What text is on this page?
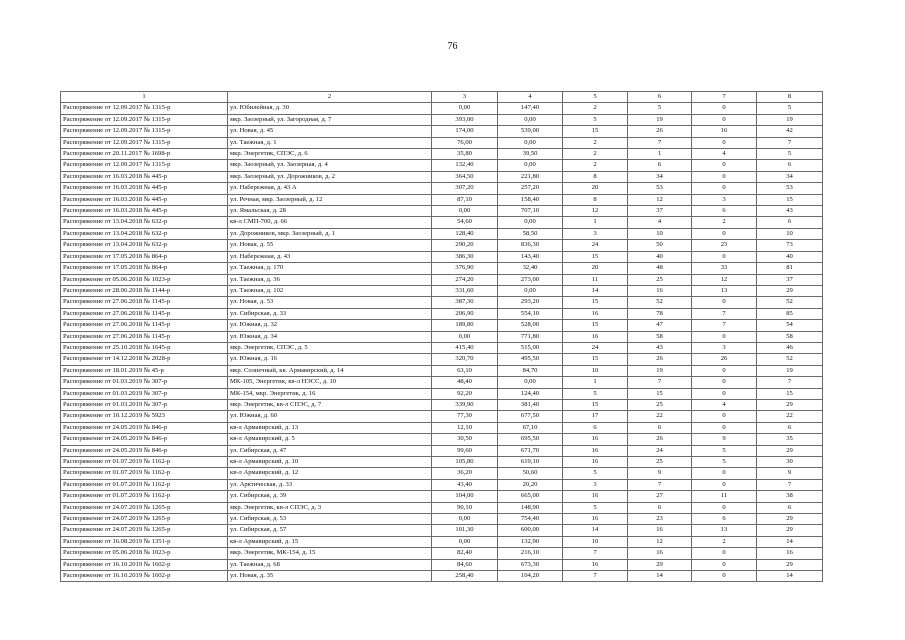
76
1	2	3	4	5	6	7	8
Распоряжение от 12.09.2017 № 1315-р	ул. Юбилейная, д. 30	0,00	147,40	2	5	0	5
Распоряжение от 12.09.2017 № 1315-р	мкр. Заозерный, ул. Загородная, д. 7	393,00	0,00	5	19	0	19
Распоряжение от 12.09.2017 № 1315-р	ул. Новая, д. 45	174,00	539,00	15	26	16	42
Распоряжение от 12.09.2017 № 1315-р	ул. Таежная, д. 1	76,00	0,00	2	7	0	7
Распоряжение от 20.11.2017 № 1698-р	мкр. Энергетик, СПЭС, д. 6	35,80	39,50	2	1	4	5
Распоряжение от 12.09.2017 № 1315-р	мкр. Заозерный, ул. Заозерная, д. 4	132,40	0,00	2	6	0	6
Распоряжение от 16.03.2018 № 445-р	мкр. Заозерный, ул. Дорожников, д. 2	364,50	221,80	8	34	0	34
Распоряжение от 16.03.2018 № 445-р	ул. Набережная, д. 43 А	307,20	257,20	20	53	0	53
Распоряжение от 16.03.2018 № 445-р	ул. Речная, мкр. Заозерный, д. 12	87,10	158,40	8	12	3	15
Распоряжение от 16.03.2018 № 445-р	ул. Ямальская, д. 28	0,00	707,10	12	37	6	43
Распоряжение от 13.04.2018 № 632-р	кв-л СМП-700, д. 66	54,60	0,00	1	4	2	6
Распоряжение от 13.04.2018 № 632-р	ул. Дорожников, мкр. Заозерный, д. 1	128,40	58,50	3	10	0	10
Распоряжение от 13.04.2018 № 632-р	ул. Новая, д. 55	290,20	836,30	24	50	23	73
Распоряжение от 17.05.2018 № 864-р	ул. Набережная, д. 43	386,30	143,40	15	40	0	40
Распоряжение от 17.05.2018 № 864-р	ул. Таежная, д. 170	376,90	32,40	20	48	33	81
Распоряжение от 05.06.2018 № 1023-р	ул. Таежная, д. 36	274,20	273,00	11	25	12	37
Распоряжение от 28.06.2018 № 1144-р	ул. Таежная, д. 102	331,60	0,00	14	16	13	29
Распоряжение от 27.06.2018 № 1145-р	ул. Новая, д. 53	387,30	293,20	15	52	0	52
Распоряжение от 27.06.2018 № 1145-р	ул. Сибирская, д. 33	206,90	554,10	16	78	7	85
Распоряжение от 27.06.2018 № 1145-р	ул. Южная, д. 32	189,80	528,00	15	47	7	54
Распоряжение от 27.06.2018 № 1145-р	ул. Южная, д. 34	0,00	771,80	16	58	0	58
Распоряжение от 25.10.2018 № 1645-р	мкр. Энергетик, СПЭС, д. 5	415,40	515,00	24	43	3	46
Распоряжение от 14.12.2018 № 2028-р	ул. Южная, д. 16	320,70	495,50	15	26	26	52
Распоряжение от 18.01.2019 № 45-р	мкр. Солнечный, кв. Армавирский, д. 14	63,10	84,70	10	19	0	19
Распоряжение от 01.03.2019 № 307-р	МК-105, Энергетик, кв-л НЭСС, д. 10	48,40	0,00	1	7	0	7
Распоряжение от 01.03.2019 № 307-р	МК-154, мкр. Энергетик, д. 16	92,20	124,40	5	15	0	15
Распоряжение от 01.03.2019 № 307-р	мкр. Энергетик, кв-л СПЭС, д. 7	339,90	381,40	15	25	4	29
Распоряжение от 10.12.2019 № 5923	ул. Южная, д. 60	77,30	677,50	17	22	0	22
Распоряжение от 24.05.2019 № 846-р	кв-л Армавирский, д. 13	12,10	67,10	6	6	0	6
Распоряжение от 24.05.2019 № 846-р	кв-л Армавирский, д. 5	30,50	695,50	16	26	9	35
Распоряжение от 24.05.2019 № 846-р	ул. Сибирская, д. 47	99,60	671,70	16	24	5	29
Распоряжение от 01.07.2019 № 1162-р	кв-л Армавирский, д. 10	105,80	619,10	16	25	5	30
Распоряжение от 01.07.2019 № 1162-р	кв-л Армавирский, д. 12	36,20	50,60	5	9	0	9
Распоряжение от 01.07.2019 № 1162-р	ул. Арктическая, д. 33	43,40	20,20	3	7	0	7
Распоряжение от 01.07.2019 № 1162-р	ул. Сибирская, д. 39	104,00	665,00	16	27	11	38
Распоряжение от 24.07.2019 № 1265-р	мкр. Энергетик, кв-л СПЭС, д. 3	90,10	148,90	5	6	0	6
Распоряжение от 24.07.2019 № 1265-р	ул. Сибирская, д. 53	0,00	754,40	16	23	6	29
Распоряжение от 24.07.2019 № 1265-р	ул. Сибирская, д. 57	101,30	600,00	14	16	13	29
Распоряжение от 16.08.2019 № 1351-р	кв-л Армавирский, д. 15	0,00	132,90	10	12	2	14
Распоряжение от 05.06.2018 № 1023-р	мкр. Энергетик, МК-154, д. 15	82,40	216,10	7	16	0	16
Распоряжение от 16.10.2019 № 1602-р	ул. Таежная, д. 68	84,60	673,30	16	29	0	29
Распоряжение от 16.10.2019 № 1602-р	ул. Новая, д. 35	258,40	104,20	7	14	0	14
